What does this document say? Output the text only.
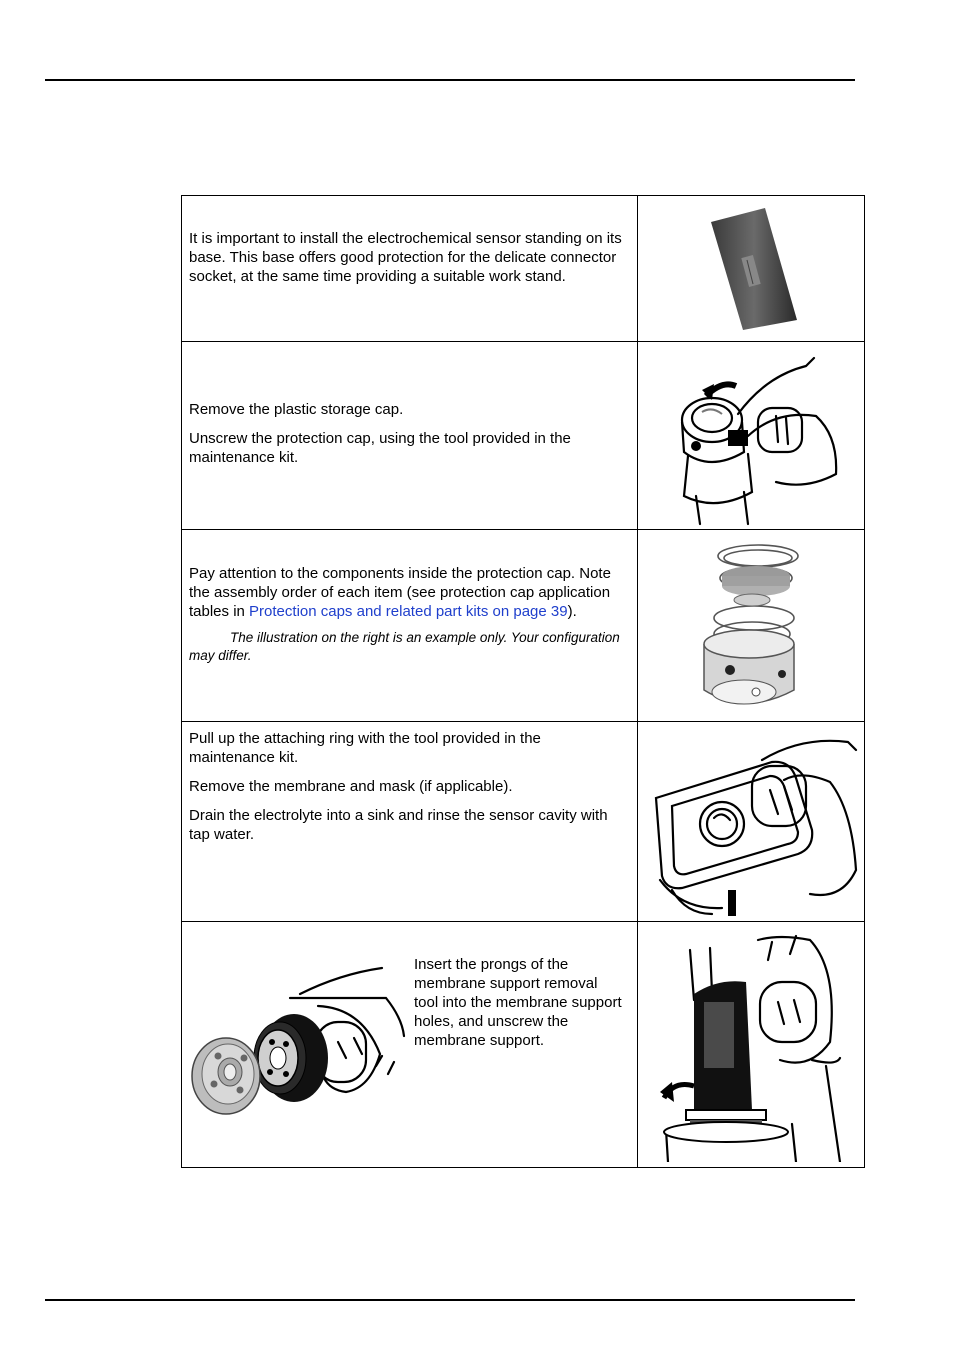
It is important to install the electrochemical sensor standing on its base. This base offers good protection for the delicate connector socket, at the same time providing a suitable work stand.

Remove the plastic storage cap.

Unscrew the protection cap, using the tool provided in the maintenance kit.

Pay attention to the components inside the protection cap. Note the assembly order of each item (see protection cap application tables in Protection caps and related part kits on page 39).

The illustration on the right is an example only. Your configuration may differ.

Pull up the attaching ring with the tool provided in the maintenance kit.

Remove the membrane and mask (if applicable).

Drain the electrolyte into a sink and rinse the sensor cavity with tap water.

Insert the prongs of the membrane support removal tool into the membrane support holes, and unscrew the membrane support.
